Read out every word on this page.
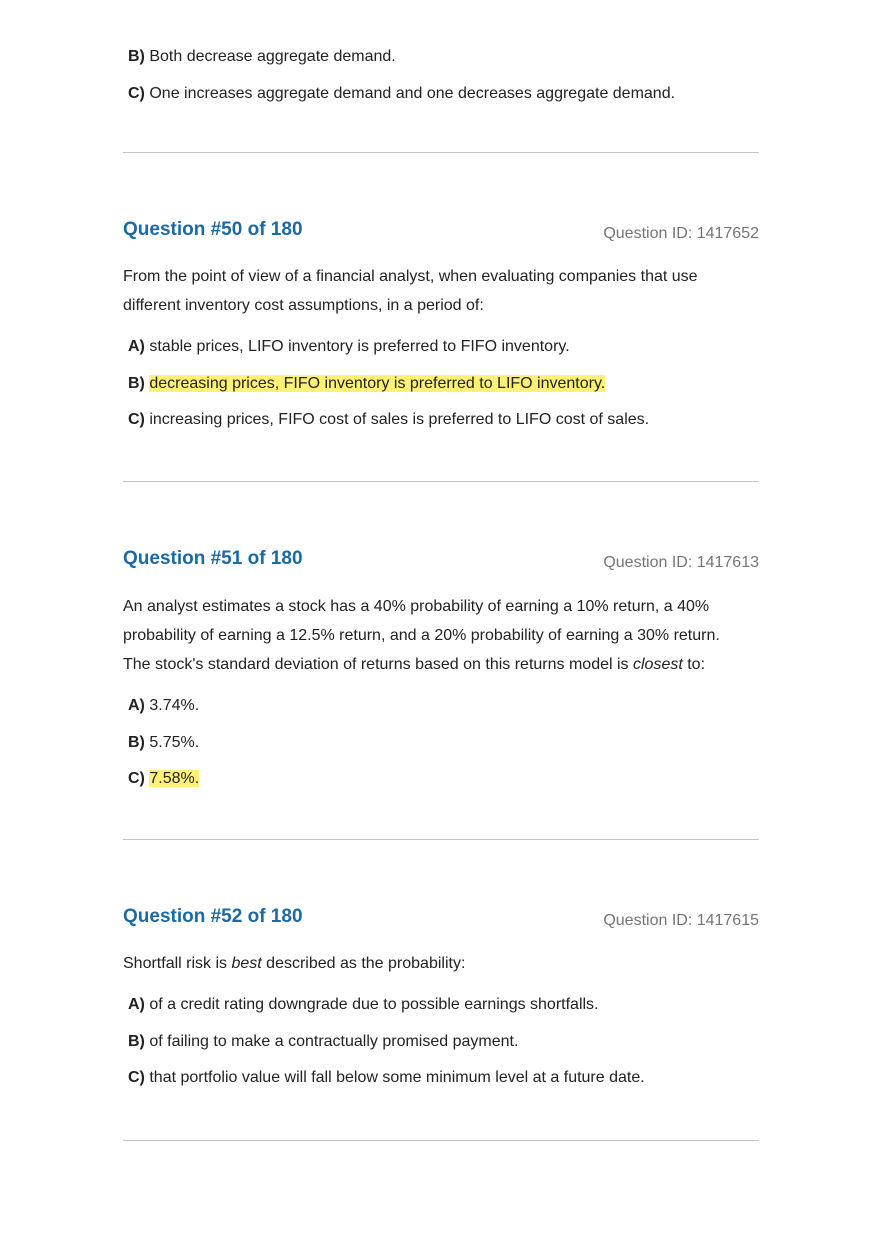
B) Both decrease aggregate demand.
C) One increases aggregate demand and one decreases aggregate demand.
Question #50 of 180	Question ID: 1417652
From the point of view of a financial analyst, when evaluating companies that use
different inventory cost assumptions, in a period of:
A) stable prices, LIFO inventory is preferred to FIFO inventory.
B) decreasing prices, FIFO inventory is preferred to LIFO inventory.
C) increasing prices, FIFO cost of sales is preferred to LIFO cost of sales.
Question #51 of 180	Question ID: 1417613
An analyst estimates a stock has a 40% probability of earning a 10% return, a 40%
probability of earning a 12.5% return, and a 20% probability of earning a 30% return.
The stock's standard deviation of returns based on this returns model is closest to:
A) 3.74%.
B) 5.75%.
C) 7.58%.
Question #52 of 180	Question ID: 1417615
Shortfall risk is best described as the probability:
A) of a credit rating downgrade due to possible earnings shortfalls.
B) of failing to make a contractually promised payment.
C) that portfolio value will fall below some minimum level at a future date.
